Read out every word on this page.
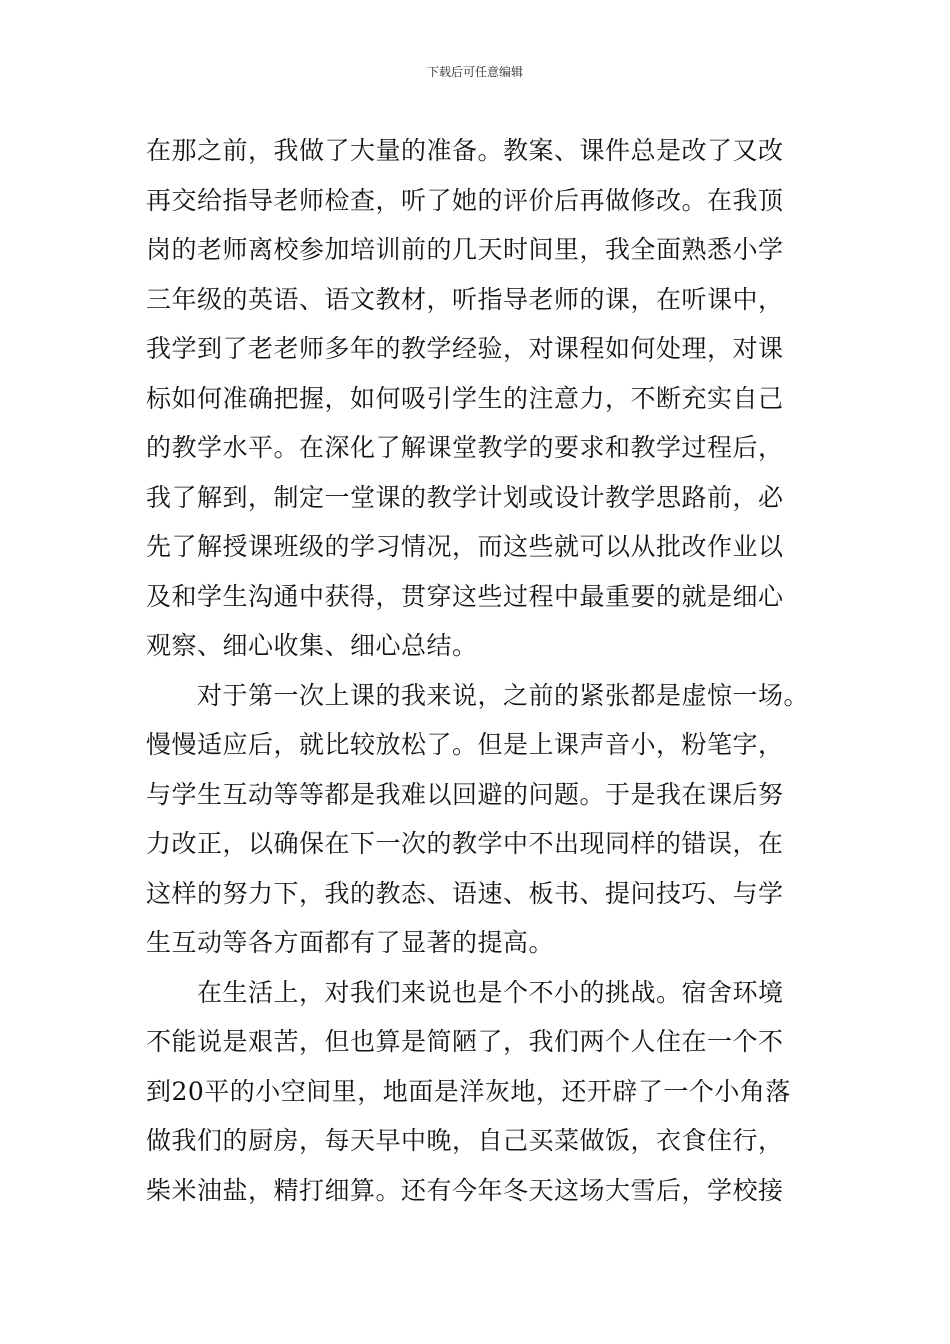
下载后可任意编辑
在那之前，我做了大量的准备。教案、课件总是改了又改
再交给指导老师检查，听了她的评价后再做修改。在我顶
岗的老师离校参加培训前的几天时间里，我全面熟悉小学
三年级的英语、语文教材，听指导老师的课，在听课中，
我学到了老老师多年的教学经验，对课程如何处理，对课
标如何准确把握，如何吸引学生的注意力，不断充实自己
的教学水平。在深化了解课堂教学的要求和教学过程后，
我了解到，制定一堂课的教学计划或设计教学思路前，必
先了解授课班级的学习情况，而这些就可以从批改作业以
及和学生沟通中获得，贯穿这些过程中最重要的就是细心
观察、细心收集、细心总结。
　　对于第一次上课的我来说，之前的紧张都是虚惊一场。
慢慢适应后，就比较放松了。但是上课声音小，粉笔字，
与学生互动等等都是我难以回避的问题。于是我在课后努
力改正，以确保在下一次的教学中不出现同样的错误，在
这样的努力下，我的教态、语速、板书、提问技巧、与学
生互动等各方面都有了显著的提高。
　　在生活上，对我们来说也是个不小的挑战。宿舍环境
不能说是艰苦，但也算是简陋了，我们两个人住在一个不
到20平的小空间里，地面是洋灰地，还开辟了一个小角落
做我们的厨房，每天早中晚，自己买菜做饭，衣食住行，
柴米油盐，精打细算。还有今年冬天这场大雪后，学校接
